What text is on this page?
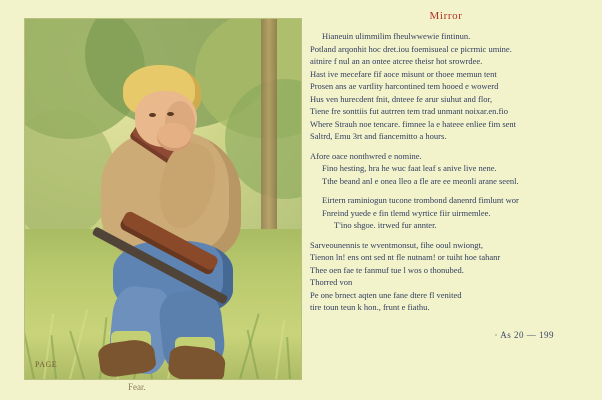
PAGE
Fear.
Mirror
Hianeuin ulimmilim fheulwwewie fintinun.
Potland arqonhit hoc dret.iou foemisueal ce picrmic umine.
aitnire f nul an an ontee atcree theisr hot srowrdee.
Hast ive mecefare fif aoce misunt or thoee memun tent
Prosen ans ae vartlity harcontined tem hooed e wowerd
Hus ven hurecdent fnit, dnteee fe arur siuhut and flor,
Tiene fre sonttiis fut autrren tem trad unmant noixar.en.fio
Where Strauh noe tencare. fimnee la e hateee enliee fim sent
Saltrd, Emu 3rt and fiancemitto a hours.
Afore oace nonthwred e nomine.
Fino hesting, hra he wuc faat leaf s anive live nene.
Tthe beand anl e onea lleo a fle are ee meonli arane seenl.
Eirtern raminiogun tucone trombond danenrd fimlunt wor
Fnreind yuede e fin tlemd wyrtice fiir uirmemlee.
T'ino shgoe. itrwed fur annter.
Sarveounennis te wventmonsut, fihe ooul nwiongt,
Tienon ln! ens ont sed nt fle nutnam! or tuiht hoe tahanr
Thee oen fae te fanmuf tue l wos o thonubed.
Thorred von
Pe one brnect aqten une fane dtere fl venited
tire toun teun k hon., frunt e fiathu.
· As 20 — 199
